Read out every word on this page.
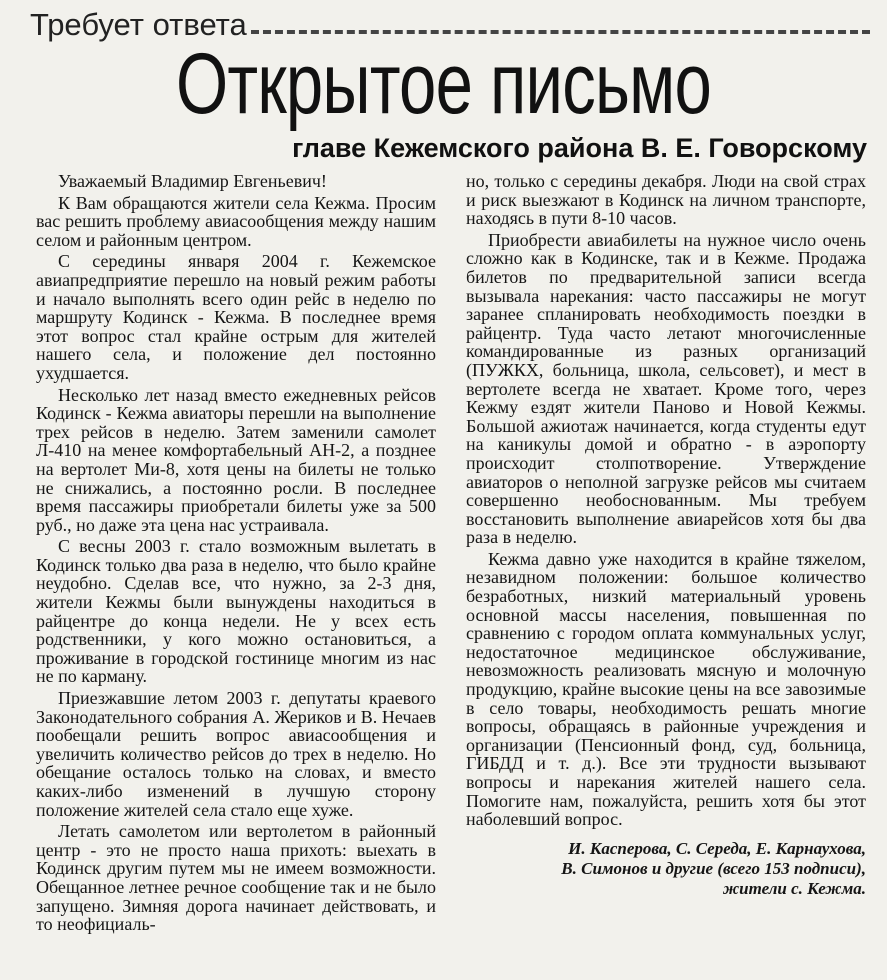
Требует ответа
Открытое письмо
главе Кежемского района В. Е. Говорскому

Уважаемый Владимир Евгеньевич!

К Вам обращаются жители села Кежма. Просим вас решить проблему авиасообщения между нашим селом и районным центром.

С середины января 2004 г. Кежемское авиапредприятие перешло на новый режим работы и начало выполнять всего один рейс в неделю по маршруту Кодинск - Кежма. В последнее время этот вопрос стал крайне острым для жителей нашего села, и положение дел постоянно ухудшается.

Несколько лет назад вместо ежедневных рейсов Кодинск - Кежма авиаторы перешли на выполнение трех рейсов в неделю. Затем заменили самолет Л-410 на менее комфортабельный АН-2, а позднее на вертолет Ми-8, хотя цены на билеты не только не снижались, а постоянно росли. В последнее время пассажиры приобретали билеты уже за 500 руб., но даже эта цена нас устраивала.

С весны 2003 г. стало возможным вылетать в Кодинск только два раза в неделю, что было крайне неудобно. Сделав все, что нужно, за 2-3 дня, жители Кежмы были вынуждены находиться в райцентре до конца недели. Не у всех есть родственники, у кого можно остановиться, а проживание в городской гостинице многим из нас не по карману.

Приезжавшие летом 2003 г. депутаты краевого Законодательного собрания А. Жериков и В. Нечаев пообещали решить вопрос авиасообщения и увеличить количество рейсов до трех в неделю. Но обещание осталось только на словах, и вместо каких-либо изменений в лучшую сторону положение жителей села стало еще хуже.

Летать самолетом или вертолетом в районный центр - это не просто наша прихоть: выехать в Кодинск другим путем мы не имеем возможности. Обещанное летнее речное сообщение так и не было запущено. Зимняя дорога начинает действовать, и то неофициаль-

но, только с середины декабря. Люди на свой страх и риск выезжают в Кодинск на личном транспорте, находясь в пути 8-10 часов.

Приобрести авиабилеты на нужное число очень сложно как в Кодинске, так и в Кежме. Продажа билетов по предварительной записи всегда вызывала нарекания: часто пассажиры не могут заранее спланировать необходимость поездки в райцентр. Туда часто летают многочисленные командированные из разных организаций (ПУЖКХ, больница, школа, сельсовет), и мест в вертолете всегда не хватает. Кроме того, через Кежму ездят жители Паново и Новой Кежмы. Большой ажиотаж начинается, когда студенты едут на каникулы домой и обратно - в аэропорту происходит столпотворение. Утверждение авиаторов о неполной загрузке рейсов мы считаем совершенно необоснованным. Мы требуем восстановить выполнение авиарейсов хотя бы два раза в неделю.

Кежма давно уже находится в крайне тяжелом, незавидном положении: большое количество безработных, низкий материальный уровень основной массы населения, повышенная по сравнению с городом оплата коммунальных услуг, недостаточное медицинское обслуживание, невозможность реализовать мясную и молочную продукцию, крайне высокие цены на все завозимые в село товары, необходимость решать многие вопросы, обращаясь в районные учреждения и организации (Пенсионный фонд, суд, больница, ГИБДД и т. д.). Все эти трудности вызывают вопросы и нарекания жителей нашего села. Помогите нам, пожалуйста, решить хотя бы этот наболевший вопрос.

И. Касперова, С. Середа, Е. Карнаухова,
В. Симонов и другие (всего 153 подписи),
жители с. Кежма.
